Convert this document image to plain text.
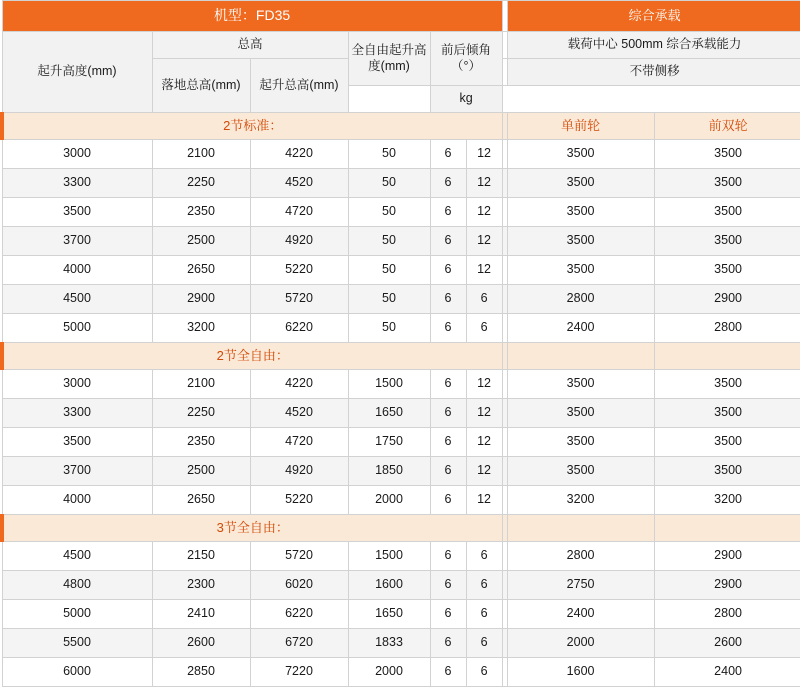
机型：FD35							综合承载	
起升高度(mm)	总高		全自由起升高度(mm)	前后倾角（°）			载荷中心 500mm 综合承载能力	
	落地总高(mm)	起升总高(mm)					不带侧移	
				kg				
2节标准：							单前轮	前双轮
3000	2100	4220	50	6	12		3500	3500
3300	2250	4520	50	6	12		3500	3500
3500	2350	4720	50	6	12		3500	3500
3700	2500	4920	50	6	12		3500	3500
4000	2650	5220	50	6	12		3500	3500
4500	2900	5720	50	6	6		2800	2900
5000	3200	6220	50	6	6		2400	2800
2节全自由：								
3000	2100	4220	1500	6	12		3500	3500
3300	2250	4520	1650	6	12		3500	3500
3500	2350	4720	1750	6	12		3500	3500
3700	2500	4920	1850	6	12		3500	3500
4000	2650	5220	2000	6	12		3200	3200
3节全自由：								
4500	2150	5720	1500	6	6		2800	2900
4800	2300	6020	1600	6	6		2750	2900
5000	2410	6220	1650	6	6		2400	2800
5500	2600	6720	1833	6	6		2000	2600
6000	2850	7220	2000	6	6		1600	2400
